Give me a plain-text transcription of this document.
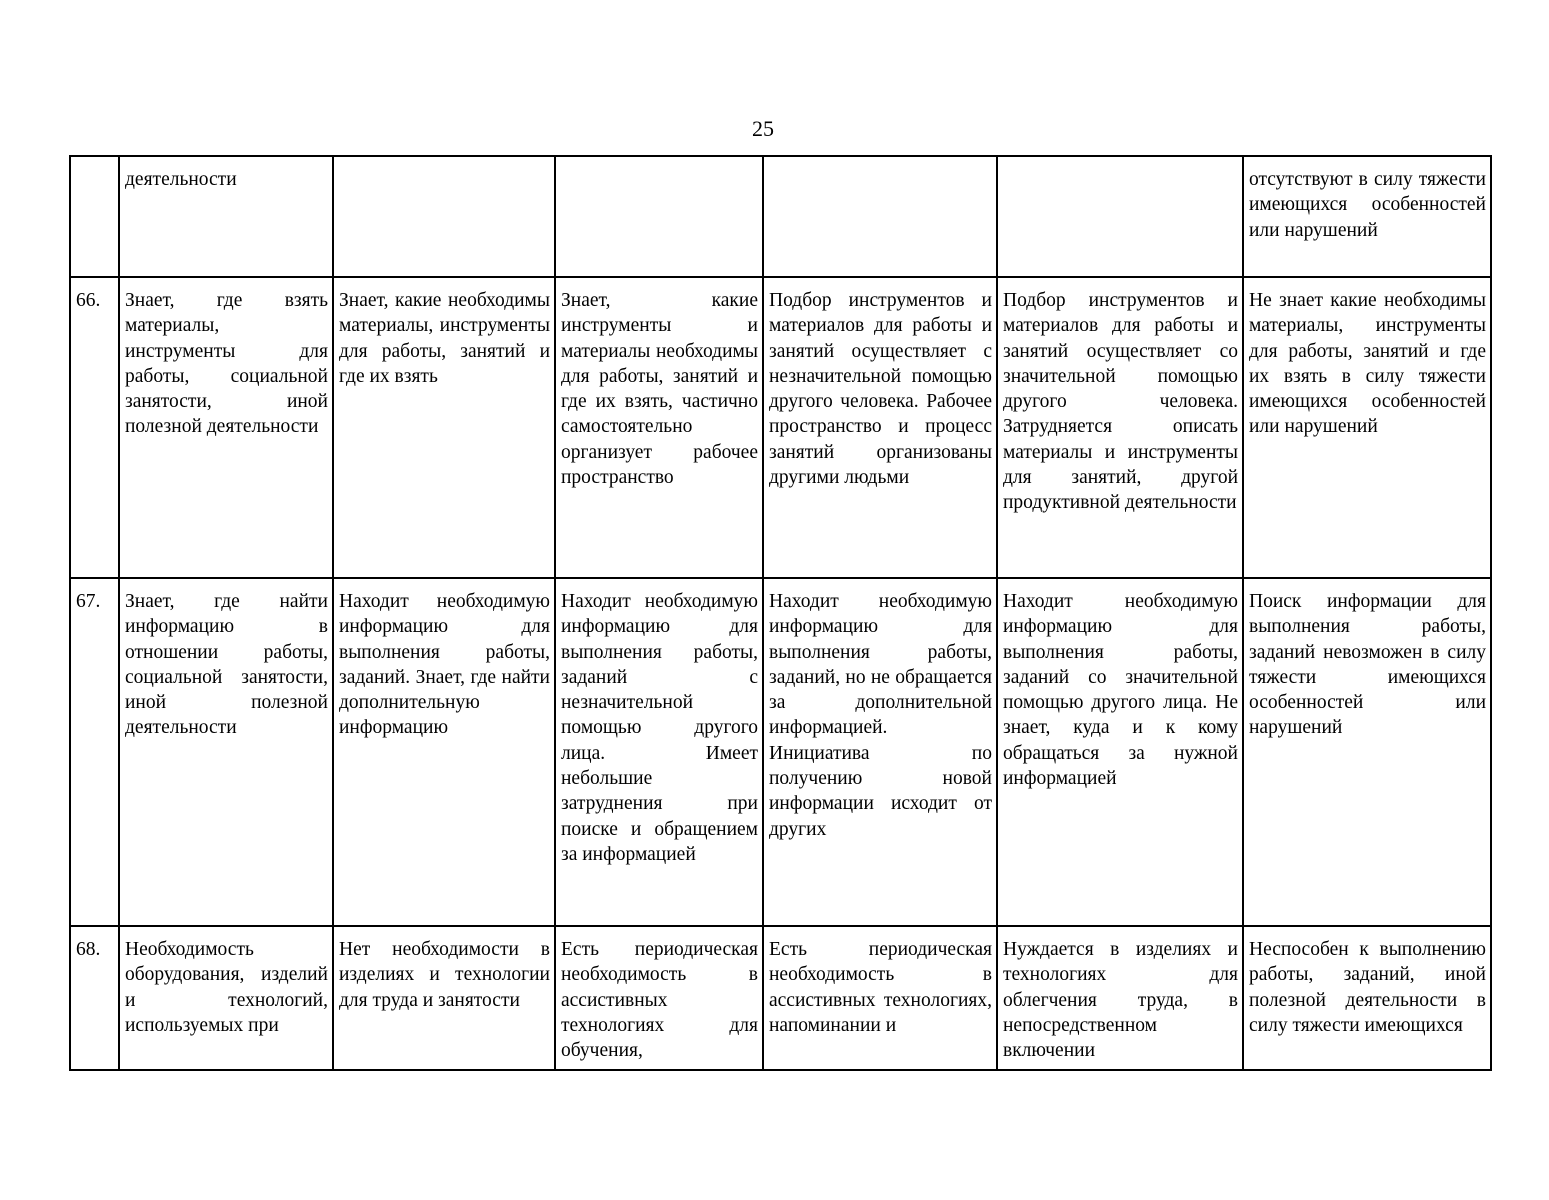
25
	деятельности					отсутствуют в силу тяжести имеющихся особенностей или нарушений
66.	Знает, где взять материалы, инструменты для работы, социальной занятости, иной полезной деятельности	Знает, какие необходимы материалы, инструменты для работы, занятий и где их взять	Знает, какие инструменты и материалы необходимы для работы, занятий и где их взять, частично самостоятельно организует рабочее пространство	Подбор инструментов и материалов для работы и занятий осуществляет с незначительной помощью другого человека. Рабочее пространство и процесс занятий организованы другими людьми	Подбор инструментов и материалов для работы и занятий осуществляет со значительной помощью другого человека. Затрудняется описать материалы и инструменты для занятий, другой продуктивной деятельности	Не знает какие необходимы материалы, инструменты для работы, занятий и где их взять в силу тяжести имеющихся особенностей или нарушений
67.	Знает, где найти информацию в отношении работы, социальной занятости, иной полезной деятельности	Находит необходимую информацию для выполнения работы, заданий. Знает, где найти дополнительную информацию	Находит необходимую информацию для выполнения работы, заданий с незначительной помощью другого лица. Имеет небольшие затруднения при поиске и обращением за информацией	Находит необходимую информацию для выполнения работы, заданий, но не обращается за дополнительной информацией. Инициатива по получению новой информации исходит от других	Находит необходимую информацию для выполнения работы, заданий со значительной помощью другого лица. Не знает, куда и к кому обращаться за нужной информацией	Поиск информации для выполнения работы, заданий невозможен в силу тяжести имеющихся особенностей или нарушений
68.	Необходимость оборудования, изделий и технологий, используемых при	Нет необходимости в изделиях и технологии для труда и занятости	Есть периодическая необходимость в ассистивных технологиях для обучения,	Есть периодическая необходимость в ассистивных технологиях, напоминании и	Нуждается в изделиях и технологиях для облегчения труда, в непосредственном включении	Неспособен к выполнению работы, заданий, иной полезной деятельности в силу тяжести имеющихся
